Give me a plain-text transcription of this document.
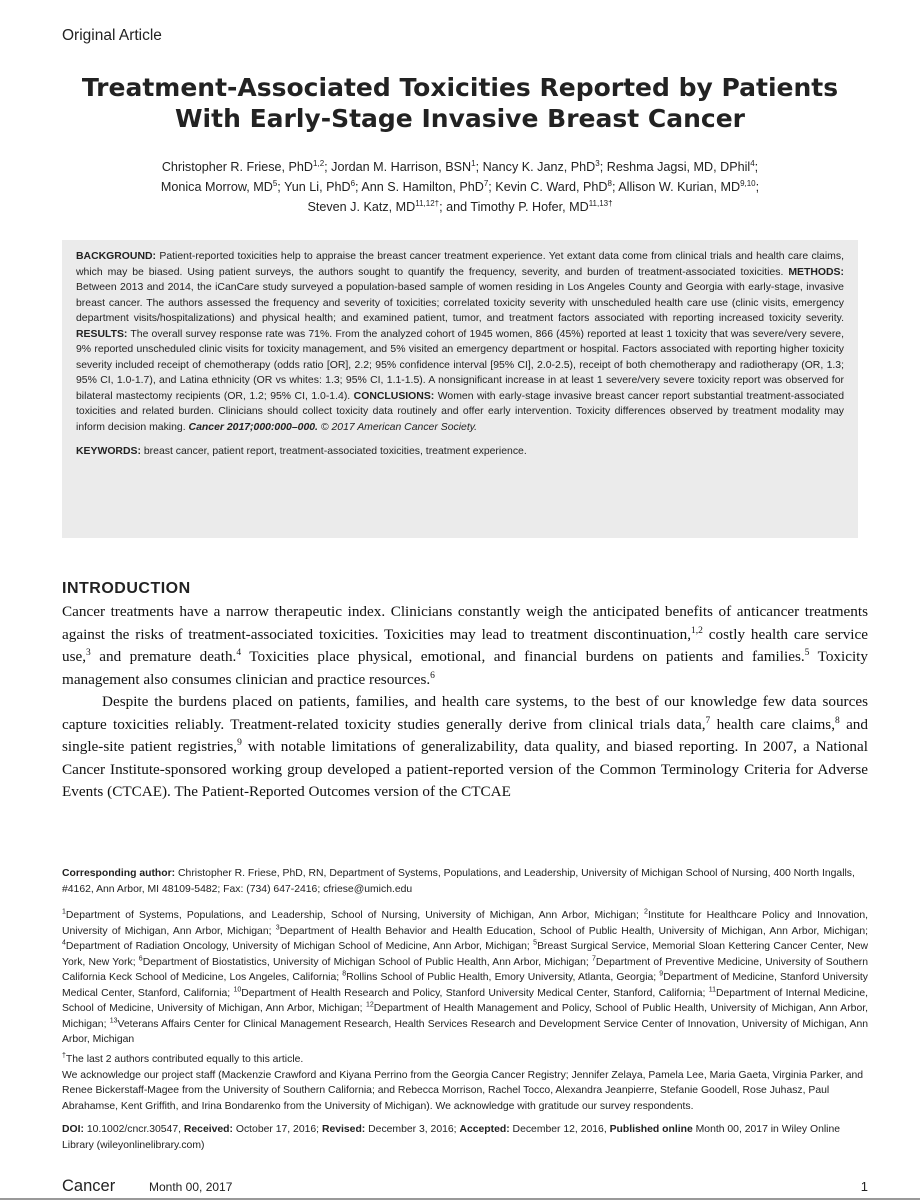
Original Article
Treatment-Associated Toxicities Reported by Patients
With Early-Stage Invasive Breast Cancer
Christopher R. Friese, PhD$^{1,2}$; Jordan M. Harrison, BSN$^1$; Nancy K. Janz, PhD$^3$; Reshma Jagsi, MD, DPhil$^4$;
Monica Morrow, $MD^5$; Yun Li, PhD$^6$; Ann S. Hamilton, PhD$^7$; Kevin C. Ward, PhD$^8$; Allison W. Kurian, MD$^{9,10}$;
Steven J. Katz, $MD^{11,12\dagger}$; and Timothy P. Hofer, $MD^{11,13\dagger}$

BACKGROUND: Patient-reported toxicities help to appraise the breast cancer treatment experience. Yet extant data come from clinical trials and health care claims, which may be biased. Using patient surveys, the authors sought to quantify the frequency, severity, and burden of treatment-associated toxicities. METHODS: Between 2013 and 2014, the iCanCare study surveyed a population-based sample of women residing in Los Angeles County and Georgia with early-stage, invasive breast cancer. The authors assessed the frequency and severity of toxicities; correlated toxicity severity with unscheduled health care use (clinic visits, emergency department visits/hospitalizations) and physical health; and examined patient, tumor, and treatment factors associated with reporting increased toxicity severity. RESULTS: The overall survey response rate was 71%. From the analyzed cohort of 1945 women, 866 (45%) reported at least 1 toxicity that was severe/very severe, 9% reported unscheduled clinic visits for toxicity management, and 5% visited an emergency department or hospital. Factors associated with reporting higher toxicity severity included receipt of chemotherapy (odds ratio [OR], 2.2; 95% confidence interval [95% CI], 2.0-2.5), receipt of both chemotherapy and radiotherapy (OR, 1.3; 95% CI, 1.0-1.7), and Latina ethnicity (OR vs whites: 1.3; 95% CI, 1.1-1.5). A nonsignificant increase in at least 1 severe/very severe toxicity report was observed for bilateral mastectomy recipients (OR, 1.2; 95% CI, 1.0-1.4). CONCLUSIONS: Women with early-stage invasive breast cancer report substantial treatment-associated toxicities and related burden. Clinicians should collect toxicity data routinely and offer early intervention. Toxicity differences observed by treatment modality may inform decision making. Cancer 2017;000:000–000. © 2017 American Cancer Society.

KEYWORDS: breast cancer, patient report, treatment-associated toxicities, treatment experience.

INTRODUCTION

Cancer treatments have a narrow therapeutic index. Clinicians constantly weigh the anticipated benefits of anticancer treatments against the risks of treatment-associated toxicities. Toxicities may lead to treatment discontinuation,$^{1,2}$ costly health care service use,$^3$ and premature death.$^4$ Toxicities place physical, emotional, and financial burdens on patients and families.$^5$ Toxicity management also consumes clinician and practice resources.$^6$

Despite the burdens placed on patients, families, and health care systems, to the best of our knowledge few data sources capture toxicities reliably. Treatment-related toxicity studies generally derive from clinical trials data,$^7$ health care claims,$^8$ and single-site patient registries,$^9$ with notable limitations of generalizability, data quality, and biased reporting. In 2007, a National Cancer Institute-sponsored working group developed a patient-reported version of the Common Terminology Criteria for Adverse Events (CTCAE). The Patient-Reported Outcomes version of the CTCAE

Corresponding author: Christopher R. Friese, PhD, RN, Department of Systems, Populations, and Leadership, University of Michigan School of Nursing, 400 North Ingalls, #4162, Ann Arbor, MI 48109-5482; Fax: (734) 647-2416; cfriese@umich.edu
$^1$Department of Systems, Populations, and Leadership, School of Nursing, University of Michigan, Ann Arbor, Michigan; $^2$Institute for Healthcare Policy and Innovation, University of Michigan, Ann Arbor, Michigan; $^3$Department of Health Behavior and Health Education, School of Public Health, University of Michigan, Ann Arbor, Michigan; $^4$Department of Radiation Oncology, University of Michigan School of Medicine, Ann Arbor, Michigan; $^5$Breast Surgical Service, Memorial Sloan Kettering Cancer Center, New York, New York; $^6$Department of Biostatistics, University of Michigan School of Public Health, Ann Arbor, Michigan; $^7$Department of Preventive Medicine, University of Southern California Keck School of Medicine, Los Angeles, California; $^8$Rollins School of Public Health, Emory University, Atlanta, Georgia; $^9$Department of Medicine, Stanford University Medical Center, Stanford, California; $^{10}$Department of Health Research and Policy, Stanford University Medical Center, Stanford, California; $^{11}$Department of Internal Medicine, School of Medicine, University of Michigan, Ann Arbor, Michigan; $^{12}$Department of Health Management and Policy, School of Public Health, University of Michigan, Ann Arbor, Michigan; $^{13}$Veterans Affairs Center for Clinical Management Research, Health Services Research and Development Service Center of Innovation, University of Michigan, Ann Arbor, Michigan

†The last 2 authors contributed equally to this article.

We acknowledge our project staff (Mackenzie Crawford and Kiyana Perrino from the Georgia Cancer Registry; Jennifer Zelaya, Pamela Lee, Maria Gaeta, Virginia Parker, and Renee Bickerstaff-Magee from the University of Southern California; and Rebecca Morrison, Rachel Tocco, Alexandra Jeanpierre, Stefanie Goodell, Rose Juhasz, Paul Abrahamse, Kent Griffith, and Irina Bondarenko from the University of Michigan). We acknowledge with gratitude our survey respondents.

DOI: 10.1002/cncr.30547, Received: October 17, 2016; Revised: December 3, 2016; Accepted: December 12, 2016, Published online Month 00, 2017 in Wiley Online Library (wileyonlinelibrary.com)
Cancer	Month 00, 2017	1
